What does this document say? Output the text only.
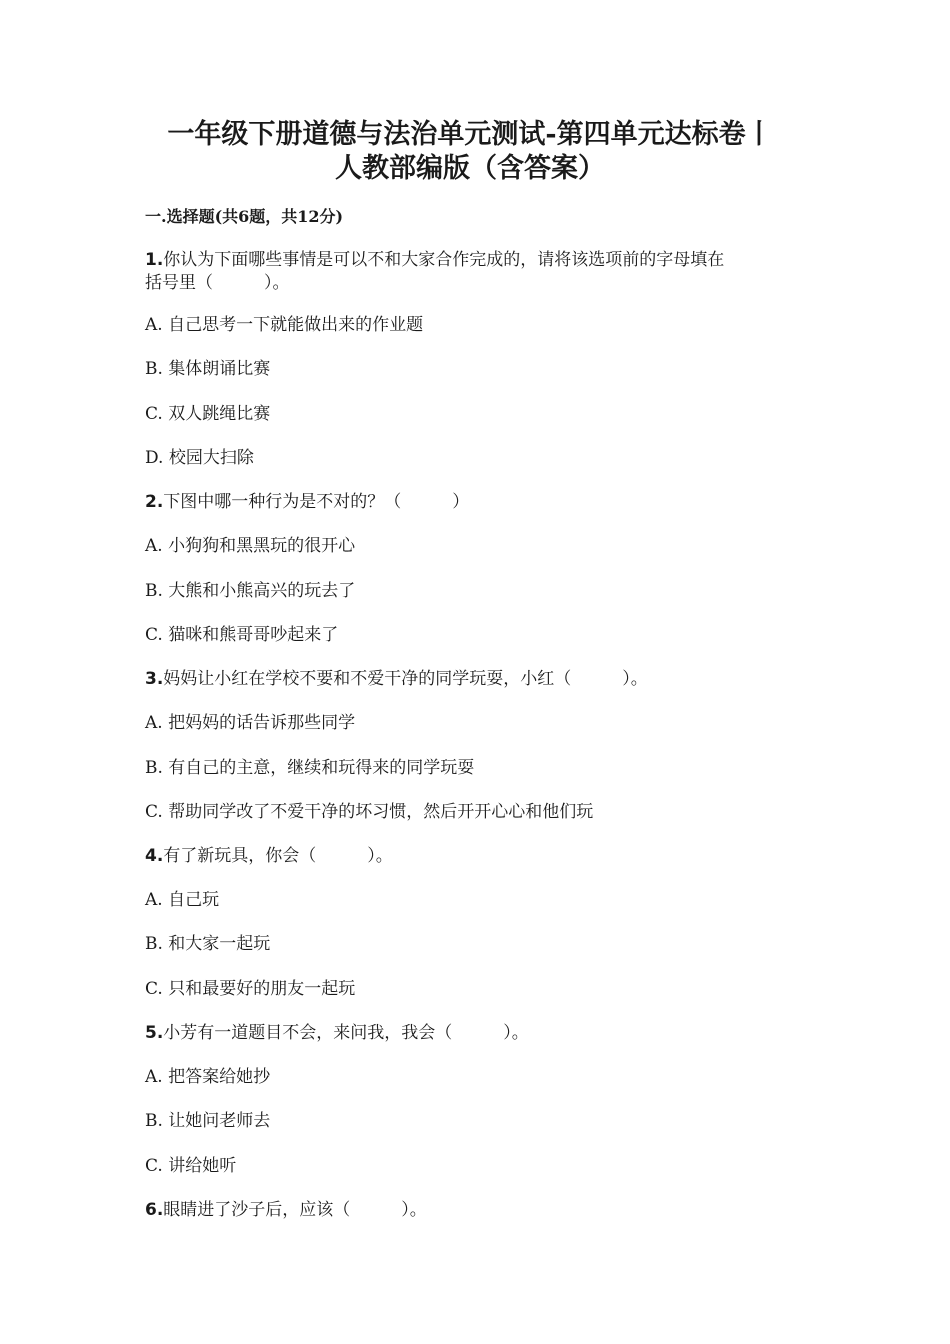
一年级下册道德与法治单元测试-第四单元达标卷丨
人教部编版（含答案）

一.选择题(共6题，共12分)

1.你认为下面哪些事情是可以不和大家合作完成的，请将该选项前的字母填在

括号里（　　　）。

A. 自己思考一下就能做出来的作业题

B. 集体朗诵比赛

C. 双人跳绳比赛

D. 校园大扫除

2.下图中哪一种行为是不对的？（　　　）

A. 小狗狗和黑黑玩的很开心

B. 大熊和小熊高兴的玩去了

C. 猫咪和熊哥哥吵起来了

3.妈妈让小红在学校不要和不爱干净的同学玩耍，小红（　　　）。

A. 把妈妈的话告诉那些同学

B. 有自己的主意，继续和玩得来的同学玩耍

C. 帮助同学改了不爱干净的坏习惯，然后开开心心和他们玩

4.有了新玩具，你会（　　　）。

A. 自己玩

B. 和大家一起玩

C. 只和最要好的朋友一起玩

5.小芳有一道题目不会，来问我，我会（　　　）。

A. 把答案给她抄

B. 让她问老师去

C. 讲给她听

6.眼睛进了沙子后，应该（　　　）。
